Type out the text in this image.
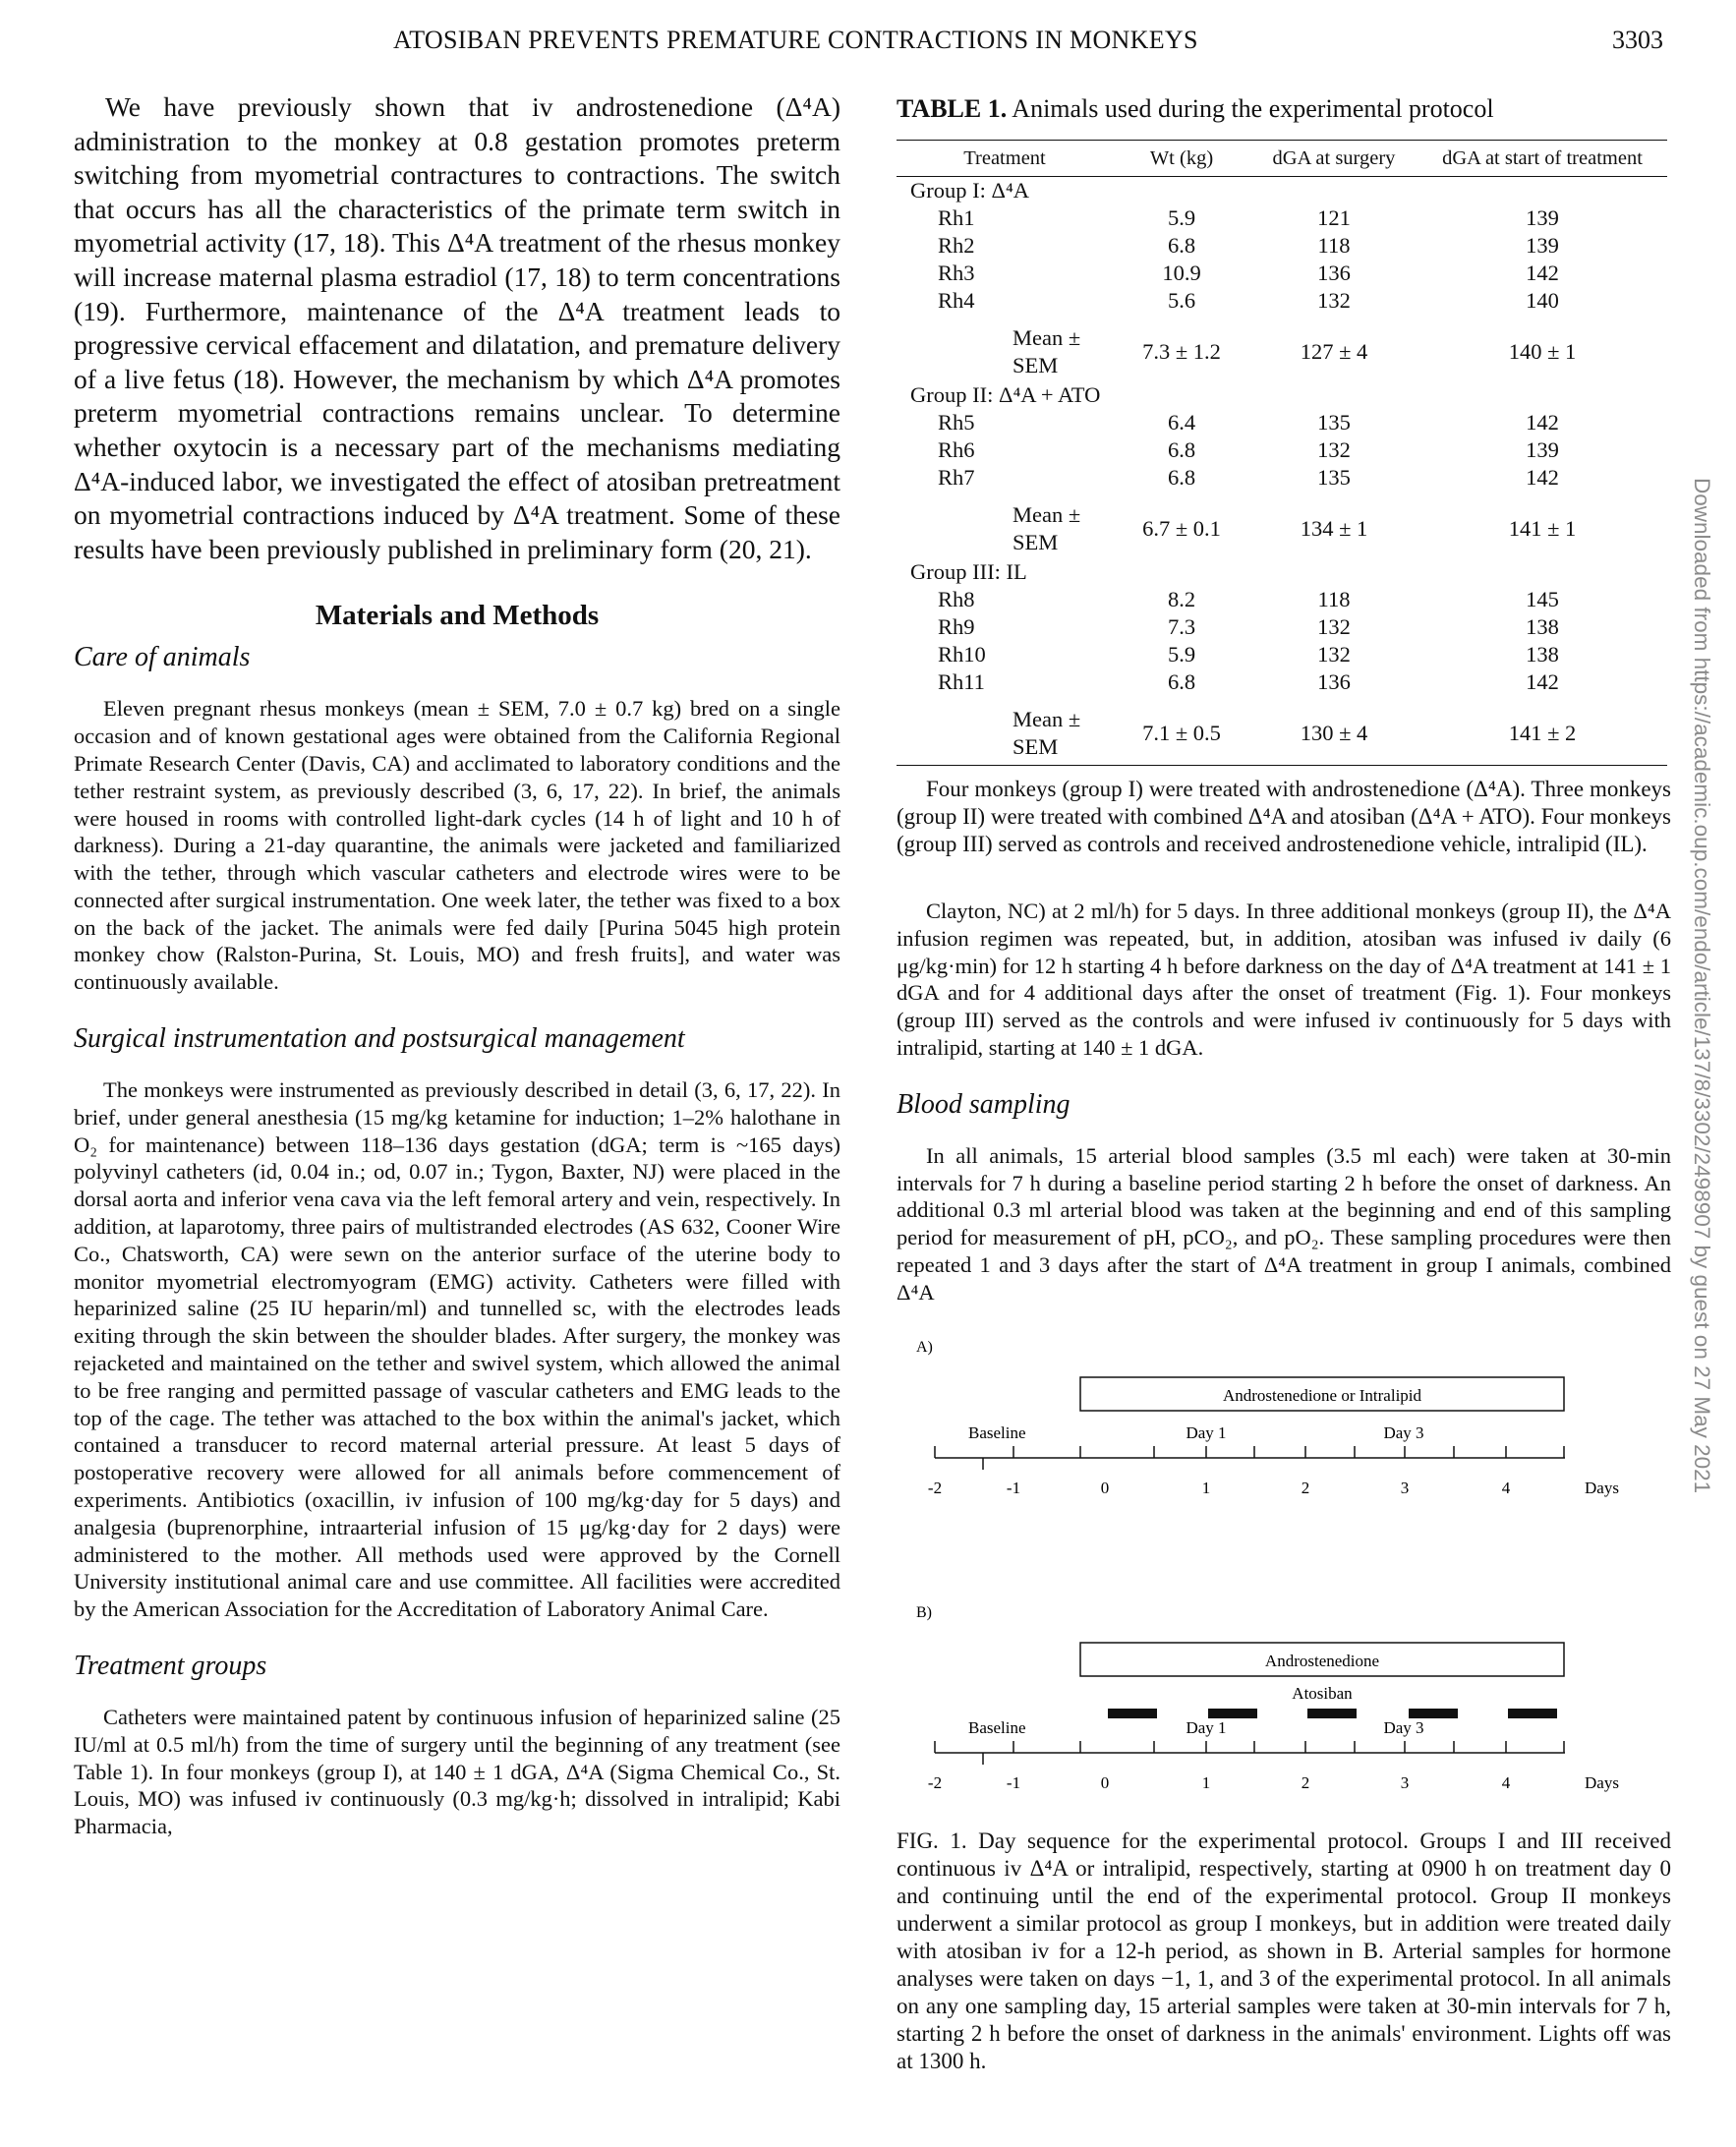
ATOSIBAN PREVENTS PREMATURE CONTRACTIONS IN MONKEYS	3303
Downloaded from https://academic.oup.com/endo/article/137/8/3302/2498907 by guest on 27 May 2021

We have previously shown that iv androstenedione (Δ⁴A) administration to the monkey at 0.8 gestation promotes preterm switching from myometrial contractures to contractions. The switch that occurs has all the characteristics of the primate term switch in myometrial activity (17, 18). This Δ⁴A treatment of the rhesus monkey will increase maternal plasma estradiol (17, 18) to term concentrations (19). Furthermore, maintenance of the Δ⁴A treatment leads to progressive cervical effacement and dilatation, and premature delivery of a live fetus (18). However, the mechanism by which Δ⁴A promotes preterm myometrial contractions remains unclear. To determine whether oxytocin is a necessary part of the mechanisms mediating Δ⁴A-induced labor, we investigated the effect of atosiban pretreatment on myometrial contractions induced by Δ⁴A treatment. Some of these results have been previously published in preliminary form (20, 21).

Materials and Methods
Care of animals

Eleven pregnant rhesus monkeys (mean ± SEM, 7.0 ± 0.7 kg) bred on a single occasion and of known gestational ages were obtained from the California Regional Primate Research Center (Davis, CA) and acclimated to laboratory conditions and the tether restraint system, as previously described (3, 6, 17, 22). In brief, the animals were housed in rooms with controlled light-dark cycles (14 h of light and 10 h of darkness). During a 21-day quarantine, the animals were jacketed and familiarized with the tether, through which vascular catheters and electrode wires were to be connected after surgical instrumentation. One week later, the tether was fixed to a box on the back of the jacket. The animals were fed daily [Purina 5045 high protein monkey chow (Ralston-Purina, St. Louis, MO) and fresh fruits], and water was continuously available.

Surgical instrumentation and postsurgical management

The monkeys were instrumented as previously described in detail (3, 6, 17, 22). In brief, under general anesthesia (15 mg/kg ketamine for induction; 1–2% halothane in O₂ for maintenance) between 118–136 days gestation (dGA; term is ~165 days) polyvinyl catheters (id, 0.04 in.; od, 0.07 in.; Tygon, Baxter, NJ) were placed in the dorsal aorta and inferior vena cava via the left femoral artery and vein, respectively. In addition, at laparotomy, three pairs of multistranded electrodes (AS 632, Cooner Wire Co., Chatsworth, CA) were sewn on the anterior surface of the uterine body to monitor myometrial electromyogram (EMG) activity. Catheters were filled with heparinized saline (25 IU heparin/ml) and tunnelled sc, with the electrodes leads exiting through the skin between the shoulder blades. After surgery, the monkey was rejacketed and maintained on the tether and swivel system, which allowed the animal to be free ranging and permitted passage of vascular catheters and EMG leads to the top of the cage. The tether was attached to the box within the animal's jacket, which contained a transducer to record maternal arterial pressure. At least 5 days of postoperative recovery were allowed for all animals before commencement of experiments. Antibiotics (oxacillin, iv infusion of 100 mg/kg·day for 5 days) and analgesia (buprenorphine, intraarterial infusion of 15 μg/kg·day for 2 days) were administered to the mother. All methods used were approved by the Cornell University institutional animal care and use committee. All facilities were accredited by the American Association for the Accreditation of Laboratory Animal Care.

Treatment groups

Catheters were maintained patent by continuous infusion of heparinized saline (25 IU/ml at 0.5 ml/h) from the time of surgery until the beginning of any treatment (see Table 1). In four monkeys (group I), at 140 ± 1 dGA, Δ⁴A (Sigma Chemical Co., St. Louis, MO) was infused iv continuously (0.3 mg/kg·h; dissolved in intralipid; Kabi Pharmacia,

TABLE 1. Animals used during the experimental protocol
Treatment	Wt (kg)	dGA at surgery	dGA at start of treatment
Group I: Δ⁴A			
Rh1	5.9	121	139
Rh2	6.8	118	139
Rh3	10.9	136	142
Rh4	5.6	132	140
Mean ± SEM	7.3 ± 1.2	127 ± 4	140 ± 1
Group II: Δ⁴A + ATO			
Rh5	6.4	135	142
Rh6	6.8	132	139
Rh7	6.8	135	142
Mean ± SEM	6.7 ± 0.1	134 ± 1	141 ± 1
Group III: IL			
Rh8	8.2	118	145
Rh9	7.3	132	138
Rh10	5.9	132	138
Rh11	6.8	136	142
Mean ± SEM	7.1 ± 0.5	130 ± 4	141 ± 2

Four monkeys (group I) were treated with androstenedione (Δ⁴A). Three monkeys (group II) were treated with combined Δ⁴A and atosiban (Δ⁴A + ATO). Four monkeys (group III) served as controls and received androstenedione vehicle, intralipid (IL).

Clayton, NC) at 2 ml/h) for 5 days. In three additional monkeys (group II), the Δ⁴A infusion regimen was repeated, but, in addition, atosiban was infused iv daily (6 μg/kg·min) for 12 h starting 4 h before darkness on the day of Δ⁴A treatment at 141 ± 1 dGA and for 4 additional days after the onset of treatment (Fig. 1). Four monkeys (group III) served as the controls and were infused iv continuously for 5 days with intralipid, starting at 140 ± 1 dGA.

Blood sampling

In all animals, 15 arterial blood samples (3.5 ml each) were taken at 30-min intervals for 7 h during a baseline period starting 2 h before the onset of darkness. An additional 0.3 ml arterial blood was taken at the beginning and end of this sampling period for measurement of pH, pCO₂, and pO₂. These sampling procedures were then repeated 1 and 3 days after the start of Δ⁴A treatment in group I animals, combined Δ⁴A

A)
Androstenedione or Intralipid
Baseline	Day 1	Day 3
-2	-1	0	1	2	3	4	Days
B)
Androstenedione
Atosiban
Baseline	Day 1	Day 3
-2	-1	0	1	2	3	4	Days

FIG. 1. Day sequence for the experimental protocol. Groups I and III received continuous iv Δ⁴A or intralipid, respectively, starting at 0900 h on treatment day 0 and continuing until the end of the experimental protocol. Group II monkeys underwent a similar protocol as group I monkeys, but in addition were treated daily with atosiban iv for a 12-h period, as shown in B. Arterial samples for hormone analyses were taken on days −1, 1, and 3 of the experimental protocol. In all animals on any one sampling day, 15 arterial samples were taken at 30-min intervals for 7 h, starting 2 h before the onset of darkness in the animals' environment. Lights off was at 1300 h.
